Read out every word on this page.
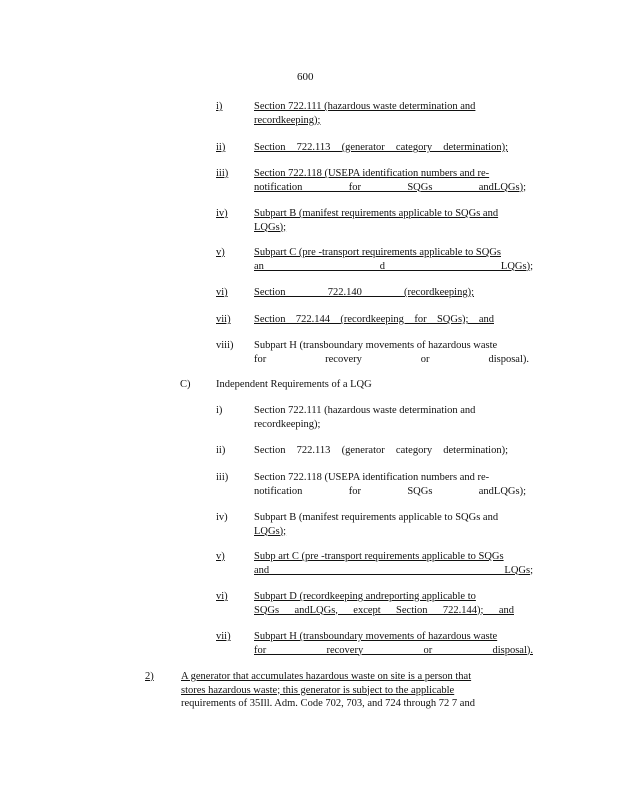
600
i)	Section 722.111 (hazardous waste determination and
recordkeeping);
ii)	Section 722.113 (generator category determination);
iii) Section 722.118 (USEPA identification numbers and re-
notification for SQGs andLQGs);
iv)	Subpart B (manifest requirements applicable to SQGs and
LQGs);
v)	Subpart C (pre -transport requirements applicable to SQGs
an d LQGs);
vi)	Section 722.140 (recordkeeping);
vii) Section 722.144 (recordkeeping for SQGs); and
viii) Subpart H (transboundary movements of hazardous waste
for recovery or disposal).
C) Independent Requirements of a LQG
i)	Section 722.111 (hazardous waste determination and
recordkeeping);
ii)	Section 722.113 (generator category determination);
iii) Section 722.118 (USEPA identification numbers and re-
notification for SQGs andLQGs);
iv)	Subpart B (manifest requirements applicable to SQGs and
LQGs);
v)	Subp art C (pre -transport requirements applicable to SQGs
and LQGs;
vi)	Subpart D (recordkeeping andreporting applicable to
SQGs andLQGs, except Section 722.144); and
vii) Subpart H (transboundary movements of hazardous waste
for recovery or disposal).
2)	A generator that accumulates hazardous waste on site is a person that
stores hazardous waste; this generator is subject to the applicable
requirements of 35Ill. Adm. Code 702, 703, and 724 through 72 7 and
